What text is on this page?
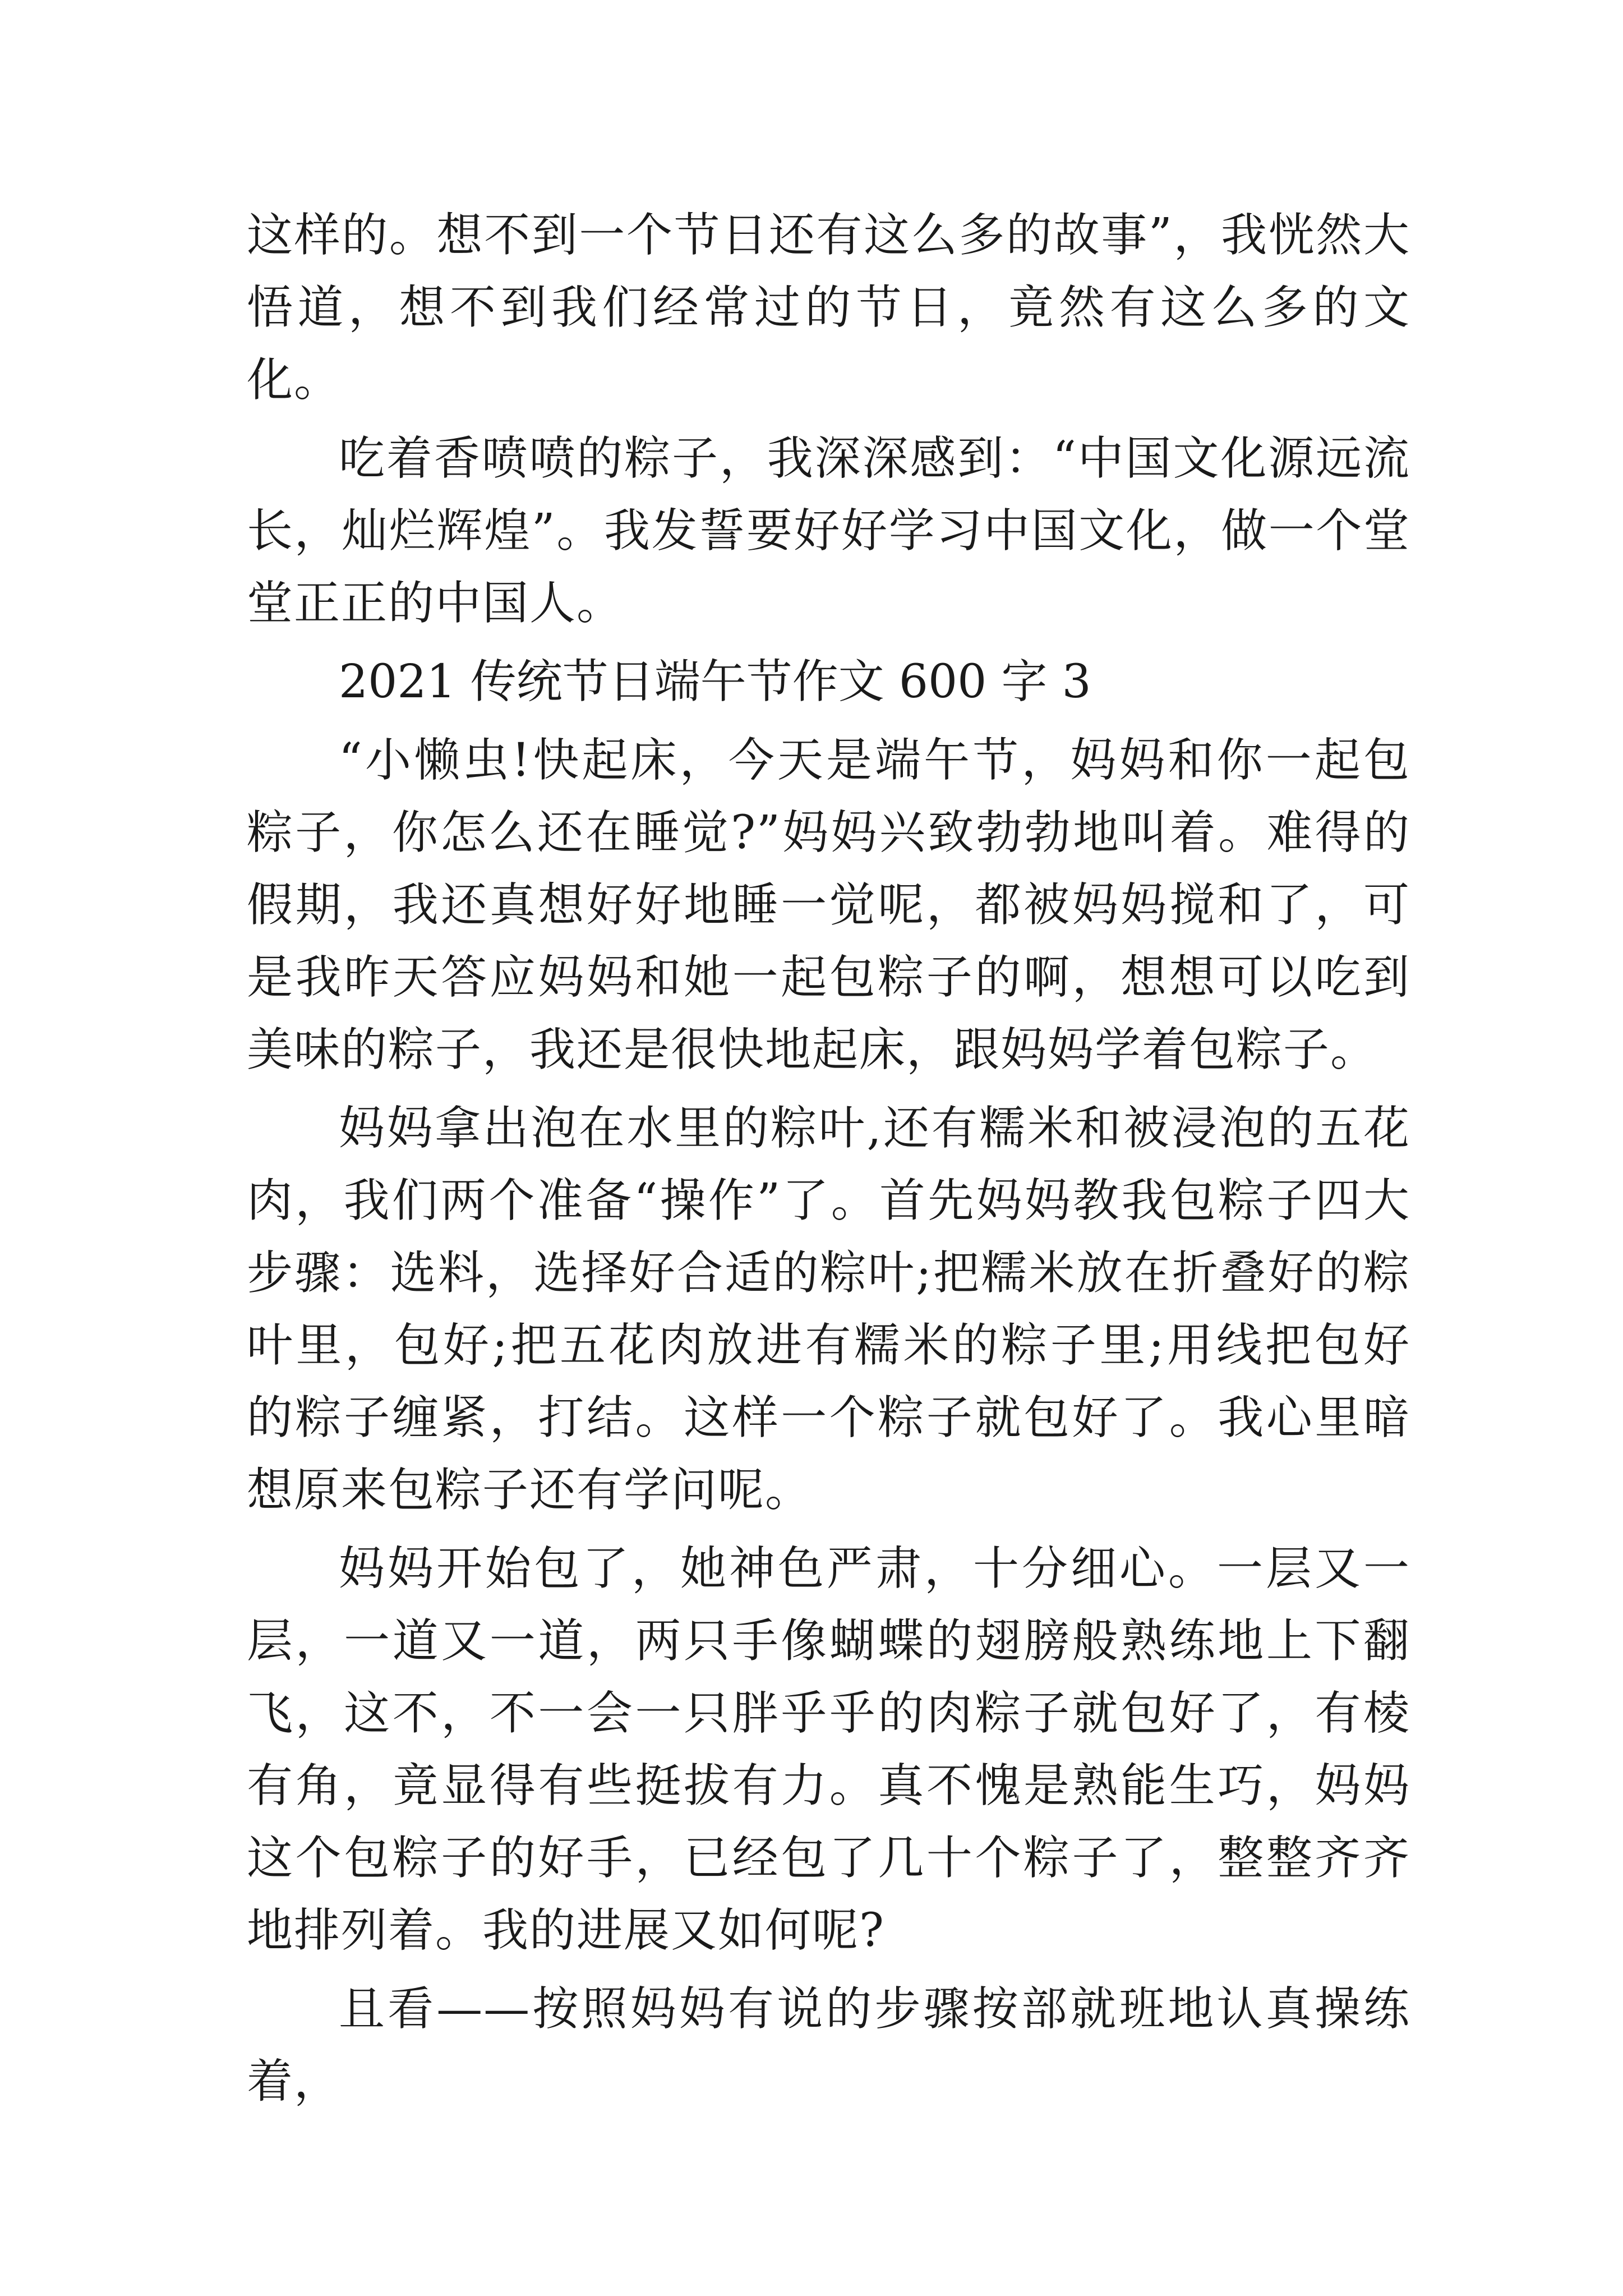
这样的。想不到一个节日还有这么多的故事”，我恍然大悟道，想不到我们经常过的节日，竟然有这么多的文化。

吃着香喷喷的粽子，我深深感到：“中国文化源远流长，灿烂辉煌”。我发誓要好好学习中国文化，做一个堂堂正正的中国人。

2021 传统节日端午节作文 600 字 3

“小懒虫!快起床，今天是端午节，妈妈和你一起包粽子，你怎么还在睡觉?”妈妈兴致勃勃地叫着。难得的假期，我还真想好好地睡一觉呢，都被妈妈搅和了，可是我昨天答应妈妈和她一起包粽子的啊，想想可以吃到美味的粽子，我还是很快地起床，跟妈妈学着包粽子。

妈妈拿出泡在水里的粽叶,还有糯米和被浸泡的五花肉，我们两个准备“操作”了。首先妈妈教我包粽子四大步骤：选料，选择好合适的粽叶;把糯米放在折叠好的粽叶里，包好;把五花肉放进有糯米的粽子里;用线把包好的粽子缠紧，打结。这样一个粽子就包好了。我心里暗想原来包粽子还有学问呢。

妈妈开始包了，她神色严肃，十分细心。一层又一层，一道又一道，两只手像蝴蝶的翅膀般熟练地上下翻飞，这不，不一会一只胖乎乎的肉粽子就包好了，有棱有角，竟显得有些挺拔有力。真不愧是熟能生巧，妈妈这个包粽子的好手，已经包了几十个粽子了，整整齐齐地排列着。我的进展又如何呢?

且看——按照妈妈有说的步骤按部就班地认真操练着，
